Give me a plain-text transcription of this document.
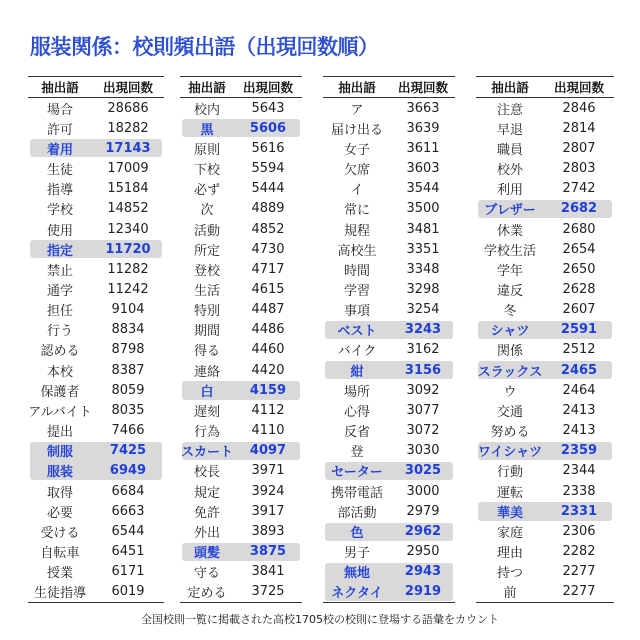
服装関係：校則頻出語（出現回数順）
抽出語	出現回数
場合	28686
許可	18282
着用	17143
生徒	17009
指導	15184
学校	14852
使用	12340
指定	11720
禁止	11282
通学	11242
担任	9104
行う	8834
認める	8798
本校	8387
保護者	8059
アルバイト	8035
提出	7466
制服	7425
服装	6949
取得	6684
必要	6663
受ける	6544
自転車	6451
授業	6171
生徒指導	6019
抽出語	出現回数
校内	5643
黒	5606
原則	5616
下校	5594
必ず	5444
次	4889
活動	4852
所定	4730
登校	4717
生活	4615
特別	4487
期間	4486
得る	4460
連絡	4420
白	4159
遅刻	4112
行為	4110
スカート	4097
校長	3971
規定	3924
免許	3917
外出	3893
頭髪	3875
守る	3841
定める	3725
抽出語	出現回数
ア	3663
届け出る	3639
女子	3611
欠席	3603
イ	3544
常に	3500
規程	3481
高校生	3351
時間	3348
学習	3298
事項	3254
ベスト	3243
バイク	3162
紺	3156
場所	3092
心得	3077
反省	3072
登	3030
セーター	3025
携帯電話	3000
部活動	2979
色	2962
男子	2950
無地	2943
ネクタイ	2919
抽出語	出現回数
注意	2846
早退	2814
職員	2807
校外	2803
利用	2742
ブレザー	2682
休業	2680
学校生活	2654
学年	2650
違反	2628
冬	2607
シャツ	2591
関係	2512
スラックス	2465
ウ	2464
交通	2413
努める	2413
ワイシャツ	2359
行動	2344
運転	2338
華美	2331
家庭	2306
理由	2282
持つ	2277
前	2277
全国校則一覧に掲載された高校1705校の校則に登場する語彙をカウント
